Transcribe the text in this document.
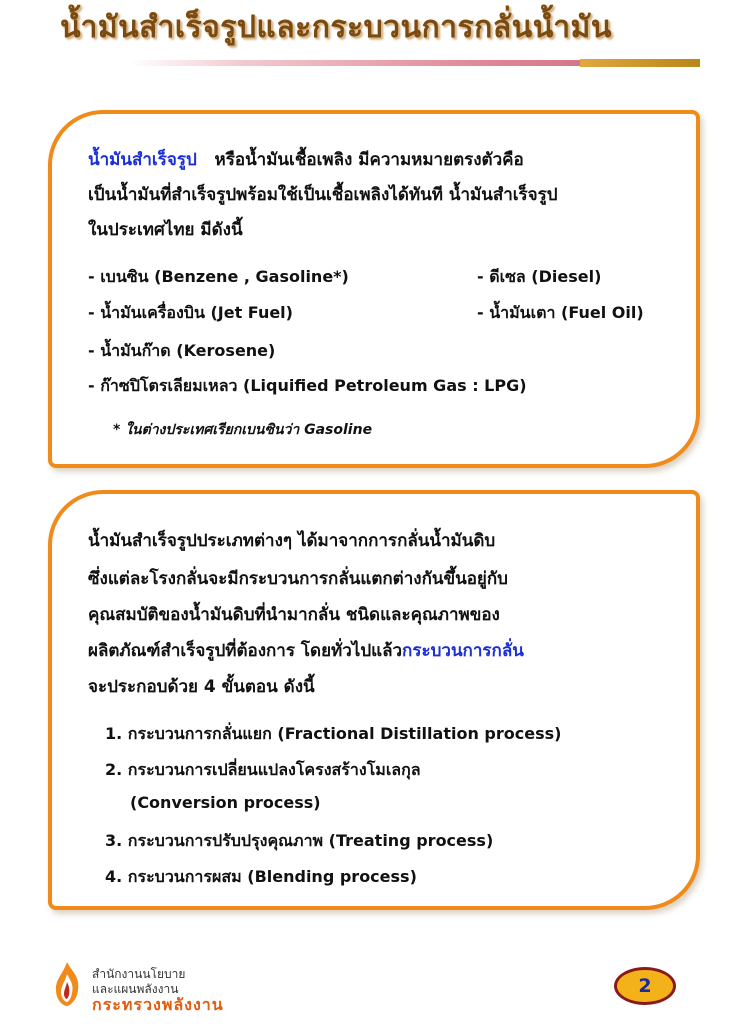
น้ำมันสำเร็จรูปและกระบวนการกลั่นน้ำมัน
น้ำมันสำเร็จรูป หรือน้ำมันเชื้อเพลิง มีความหมายตรงตัวคือ
เป็นน้ำมันที่สำเร็จรูปพร้อมใช้เป็นเชื้อเพลิงได้ทันที น้ำมันสำเร็จรูป
ในประเทศไทย มีดังนี้
- เบนซิน (Benzene , Gasoline*)	- ดีเซล (Diesel)
- น้ำมันเครื่องบิน (Jet Fuel)	- น้ำมันเตา (Fuel Oil)
- น้ำมันก๊าด (Kerosene)
- ก๊าซปิโตรเลียมเหลว (Liquified Petroleum Gas : LPG)
* ในต่างประเทศเรียกเบนซินว่า Gasoline
น้ำมันสำเร็จรูปประเภทต่างๆ ได้มาจากการกลั่นน้ำมันดิบ
ซึ่งแต่ละโรงกลั่นจะมีกระบวนการกลั่นแตกต่างกันขึ้นอยู่กับ
คุณสมบัติของน้ำมันดิบที่นำมากลั่น ชนิดและคุณภาพของ
ผลิตภัณฑ์สำเร็จรูปที่ต้องการ โดยทั่วไปแล้วกระบวนการกลั่น
จะประกอบด้วย 4 ขั้นตอน ดังนี้
1. กระบวนการกลั่นแยก (Fractional Distillation process)
2. กระบวนการเปลี่ยนแปลงโครงสร้างโมเลกุล
(Conversion process)
3. กระบวนการปรับปรุงคุณภาพ (Treating process)
4. กระบวนการผสม (Blending process)
สำนักงานนโยบาย
และแผนพลังงาน
กระทรวงพลังงาน
2
